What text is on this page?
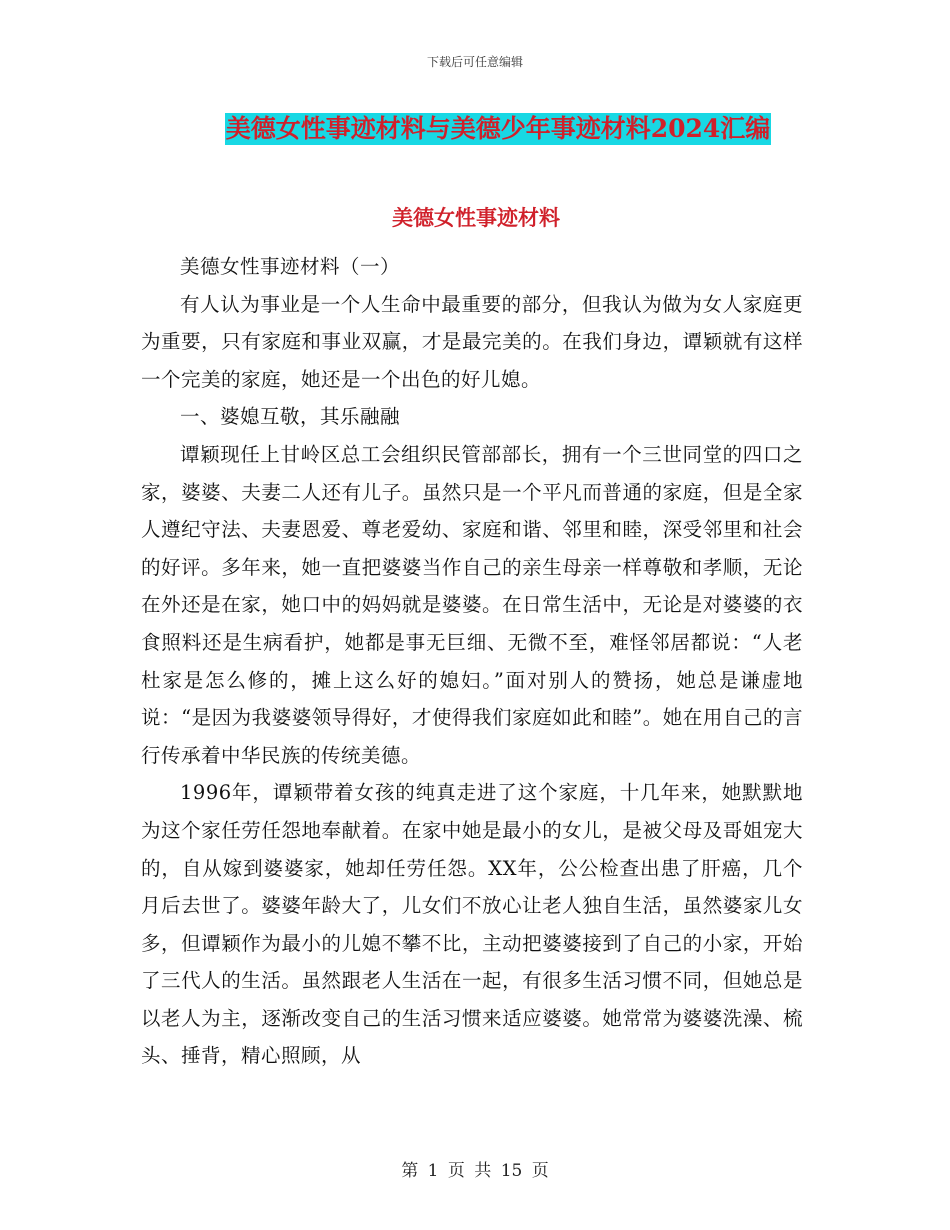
下载后可任意编辑
美德女性事迹材料与美德少年事迹材料2024汇编
美德女性事迹材料

美德女性事迹材料（一）

有人认为事业是一个人生命中最重要的部分，但我认为做为女人家庭更为重要，只有家庭和事业双赢，才是最完美的。在我们身边，谭颖就有这样一个完美的家庭，她还是一个出色的好儿媳。

一、婆媳互敬，其乐融融

谭颖现任上甘岭区总工会组织民管部部长，拥有一个三世同堂的四口之家，婆婆、夫妻二人还有儿子。虽然只是一个平凡而普通的家庭，但是全家人遵纪守法、夫妻恩爱、尊老爱幼、家庭和谐、邻里和睦，深受邻里和社会的好评。多年来，她一直把婆婆当作自己的亲生母亲一样尊敬和孝顺，无论在外还是在家，她口中的妈妈就是婆婆。在日常生活中，无论是对婆婆的衣食照料还是生病看护，她都是事无巨细、无微不至，难怪邻居都说：“人老杜家是怎么修的，摊上这么好的媳妇。”面对别人的赞扬，她总是谦虚地说：“是因为我婆婆领导得好，才使得我们家庭如此和睦”。她在用自己的言行传承着中华民族的传统美德。

1996年，谭颖带着女孩的纯真走进了这个家庭，十几年来，她默默地为这个家任劳任怨地奉献着。在家中她是最小的女儿，是被父母及哥姐宠大的，自从嫁到婆婆家，她却任劳任怨。XX年，公公检查出患了肝癌，几个月后去世了。婆婆年龄大了，儿女们不放心让老人独自生活，虽然婆家儿女多，但谭颖作为最小的儿媳不攀不比，主动把婆婆接到了自己的小家，开始了三代人的生活。虽然跟老人生活在一起，有很多生活习惯不同，但她总是以老人为主，逐渐改变自己的生活习惯来适应婆婆。她常常为婆婆洗澡、梳头、捶背，精心照顾，从

第 1 页 共 15 页
